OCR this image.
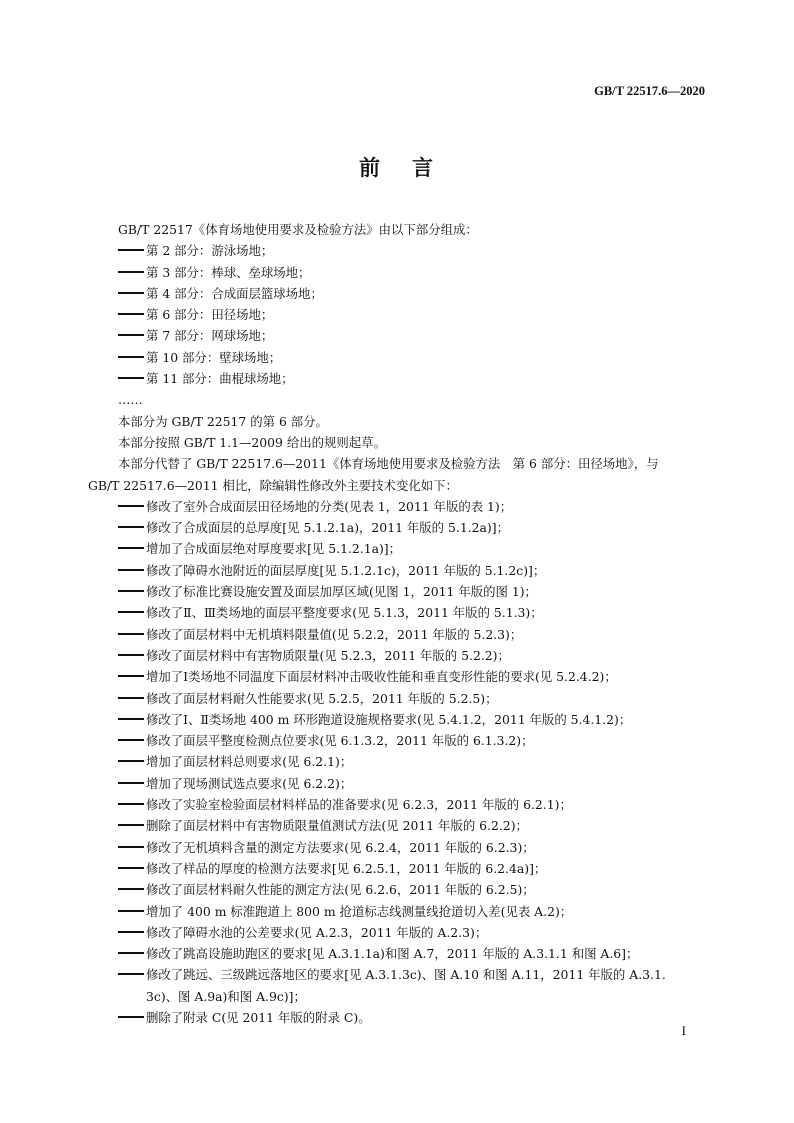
GB/T 22517.6—2020
前 言
GB/T 22517《体育场地使用要求及检验方法》由以下部分组成：
第 2 部分：游泳场地；
第 3 部分：棒球、垒球场地；
第 4 部分：合成面层篮球场地；
第 6 部分：田径场地；
第 7 部分：网球场地；
第 10 部分：壁球场地；
第 11 部分：曲棍球场地；
……
本部分为 GB/T 22517 的第 6 部分。
本部分按照 GB/T 1.1—2009 给出的规则起草。
本部分代替了 GB/T 22517.6—2011《体育场地使用要求及检验方法　第 6 部分：田径场地》，与
GB/T 22517.6—2011 相比，除编辑性修改外主要技术变化如下：
修改了室外合成面层田径场地的分类(见表 1，2011 年版的表 1)；
修改了合成面层的总厚度[见 5.1.2.1a)，2011 年版的 5.1.2a)]；
增加了合成面层绝对厚度要求[见 5.1.2.1a)]；
修改了障碍水池附近的面层厚度[见 5.1.2.1c)，2011 年版的 5.1.2c)]；
修改了标准比赛设施安置及面层加厚区域(见图 1，2011 年版的图 1)；
修改了Ⅱ、Ⅲ类场地的面层平整度要求(见 5.1.3，2011 年版的 5.1.3)；
修改了面层材料中无机填料限量值(见 5.2.2，2011 年版的 5.2.3)；
修改了面层材料中有害物质限量(见 5.2.3，2011 年版的 5.2.2)；
增加了Ⅰ类场地不同温度下面层材料冲击吸收性能和垂直变形性能的要求(见 5.2.4.2)；
修改了面层材料耐久性能要求(见 5.2.5，2011 年版的 5.2.5)；
修改了Ⅰ、Ⅱ类场地 400 m 环形跑道设施规格要求(见 5.4.1.2，2011 年版的 5.4.1.2)；
修改了面层平整度检测点位要求(见 6.1.3.2，2011 年版的 6.1.3.2)；
增加了面层材料总则要求(见 6.2.1)；
增加了现场测试选点要求(见 6.2.2)；
修改了实验室检验面层材料样品的准备要求(见 6.2.3，2011 年版的 6.2.1)；
删除了面层材料中有害物质限量值测试方法(见 2011 年版的 6.2.2)；
修改了无机填料含量的测定方法要求(见 6.2.4，2011 年版的 6.2.3)；
修改了样品的厚度的检测方法要求[见 6.2.5.1，2011 年版的 6.2.4a)]；
修改了面层材料耐久性能的测定方法(见 6.2.6，2011 年版的 6.2.5)；
增加了 400 m 标准跑道上 800 m 抢道标志线测量线抢道切入差(见表 A.2)；
修改了障碍水池的公差要求(见 A.2.3，2011 年版的 A.2.3)；
修改了跳高设施助跑区的要求[见 A.3.1.1a)和图 A.7，2011 年版的 A.3.1.1 和图 A.6]；
修改了跳远、三级跳远落地区的要求[见 A.3.1.3c)、图 A.10 和图 A.11，2011 年版的 A.3.1.
3c)、图 A.9a)和图 A.9c)]；
删除了附录 C(见 2011 年版的附录 C)。
I
